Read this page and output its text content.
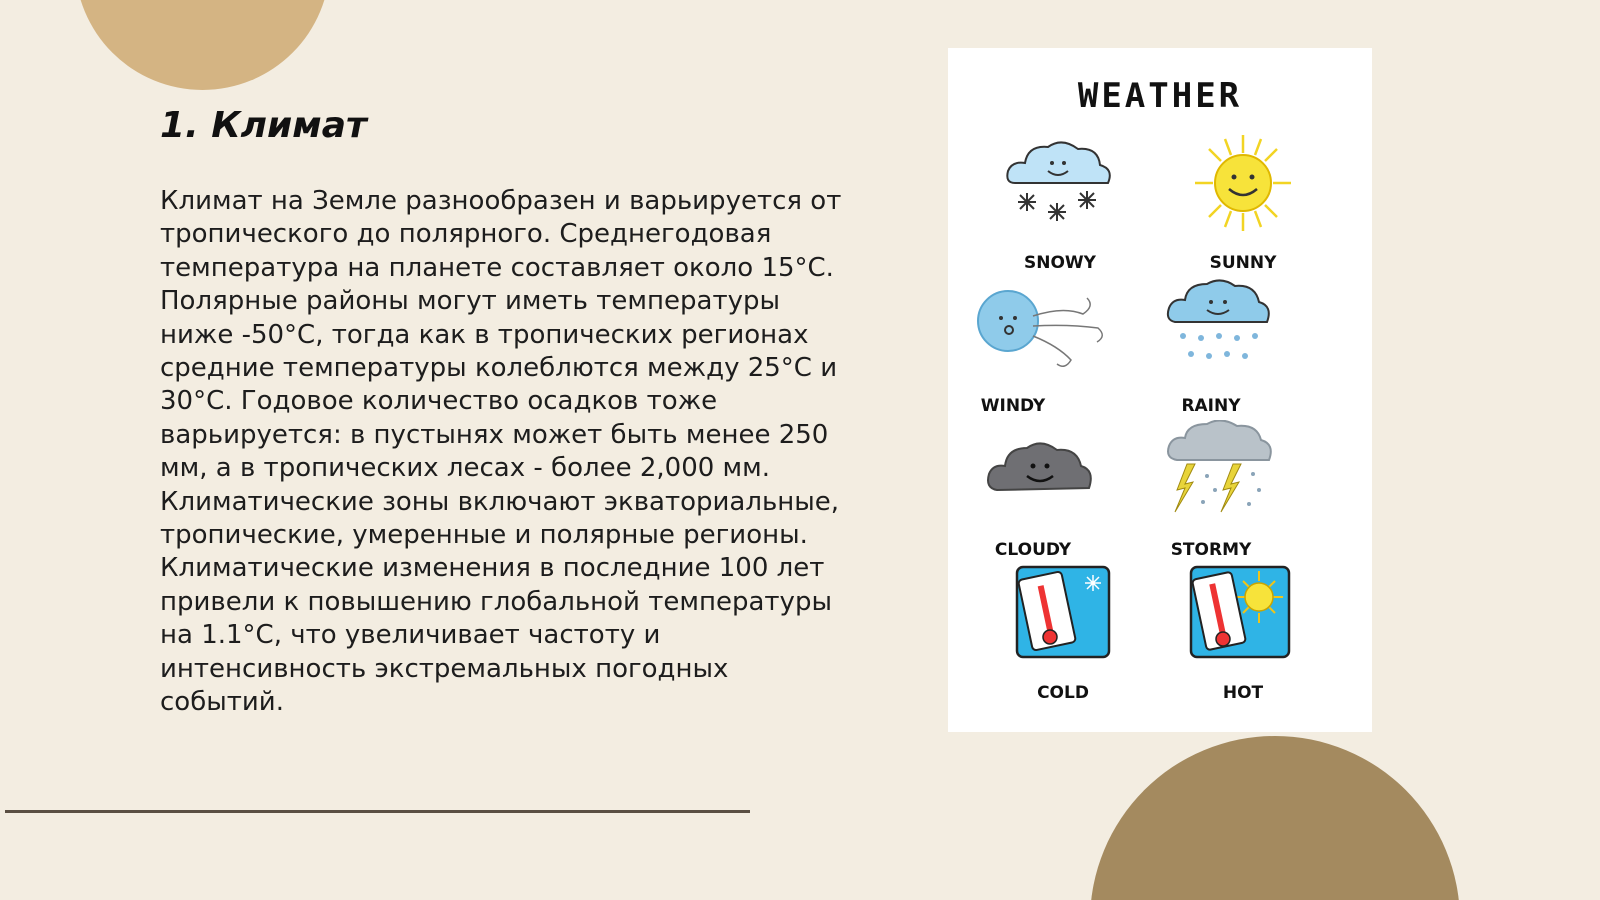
1. Климат

Климат на Земле разнообразен и варьируется от тропического до полярного. Среднегодовая температура на планете составляет около 15°C. Полярные районы могут иметь температуры ниже -50°C, тогда как в тропических регионах средние температуры колеблются между 25°C и 30°C. Годовое количество осадков тоже варьируется: в пустынях может быть менее 250 мм, а в тропических лесах - более 2,000 мм. Климатические зоны включают экваториальные, тропические, умеренные и полярные регионы. Климатические изменения в последние 100 лет привели к повышению глобальной температуры на 1.1°C, что увеличивает частоту и интенсивность экстремальных погодных событий.

WEATHER
SNOWY	SUNNY
WINDY	RAINY
CLOUDY	STORMY
COLD	HOT
